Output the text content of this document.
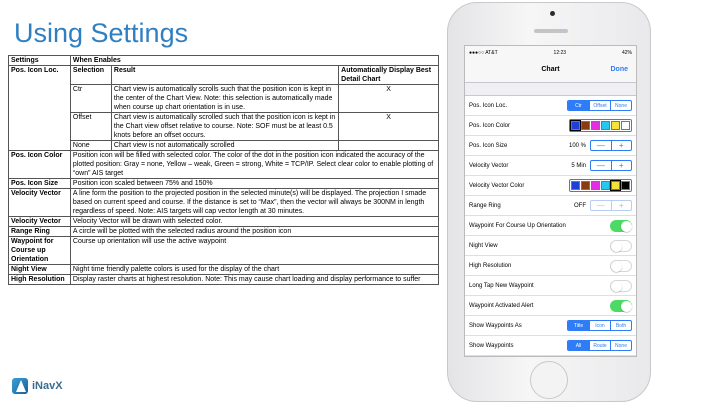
Using Settings
Settings	When Enables		
Pos. Icon Loc.	Selection	Result	Automatically Display Best Detail Chart
	Ctr	Chart view is automatically scrolls such that the position icon is kept in the center of the Chart View. Note: this selection is automatically made when course up chart orientation is in use.	X
	Offset	Chart view is automatically scrolled such that the position icon is kept in the Chart view offset relative to course. Note: SOF must be at least 0.5 knots before an offset occurs.	X
	None	Chart view is not automatically scrolled	
Pos. Icon Color	Position icon will be filled with selected color. The color of the dot in the position icon indicated the accuracy of the plotted position: Gray = none, Yellow – weak, Green = strong, White = TCP/IP. Select clear color to enable plotting of “own” AIS target		
Pos. Icon Size	Position icon scaled between 75% and 150%		
Velocity Vector	A line form the position to the projected position in the selected minute(s) will be displayed. The projection I smade based on current speed and course. If the distance is set to “Max”, then the vector will always be 300NM in length regardless of speed. Note: AIS targets will cap vector length at 30 minutes.		
Velocity Vector	Velocity Vector will be drawn with selected color.		
Range Ring	A circle will be plotted with the selected radius around the position icon		
Waypoint for Course up Orientation	Course up orientation will use the active waypoint		
Night View	Night time friendly palette colors is used for the display of the chart		
High Resolution	Display raster charts at highest resolution. Note: This may cause chart loading and display performance to suffer		
iNavX
●●●○○ AT&T	12:23	42%
Chart	Done
Pos. Icon Loc.	Ctr	Offset	None
Pos. Icon Color
Pos. Icon Size	100 %	—	+
Velocity Vector	5 Min	—	+
Velocity Vector Color
Range Ring	OFF	—	+
Waypoint For Course Up Orientation
Night View
High Resolution
Long Tap New Waypoint
Waypoint Activated Alert
Show Waypoints As	Title	Icon	Both
Show Waypoints	All	Route	None
